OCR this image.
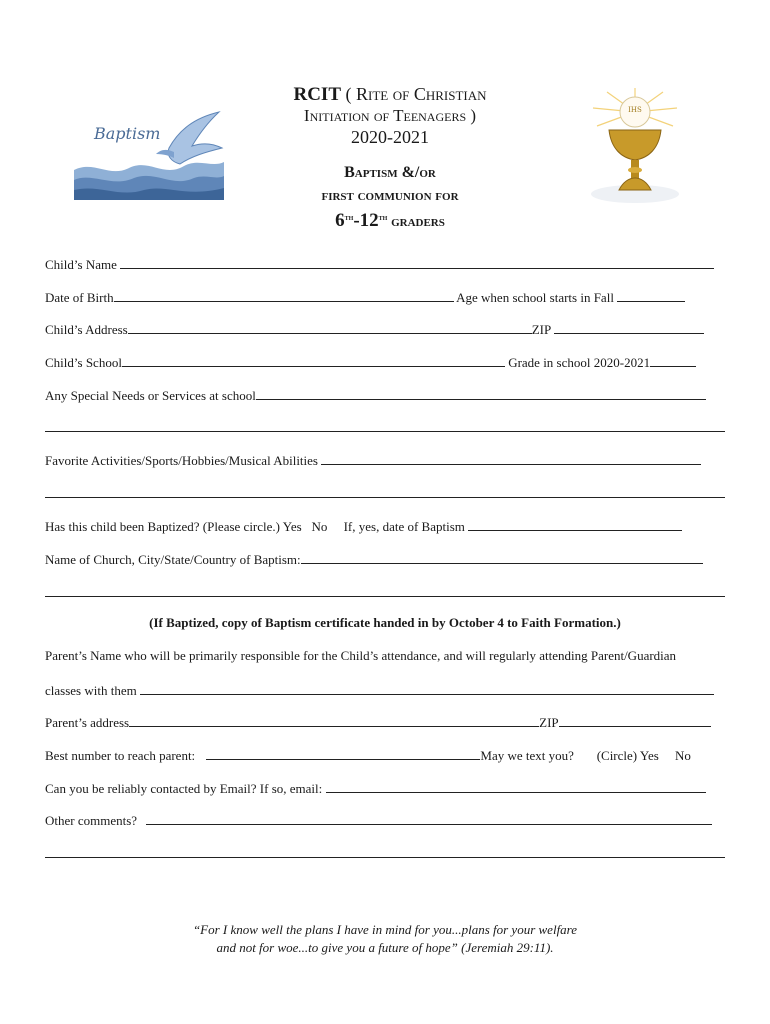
Baptism
IHS
RCIT ( Rite of Christian
Initiation of Teenagers )
2020-2021
Baptism &/or
first communion for
6th-12th graders
Child’s Name
Date of Birth	Age when school starts in Fall
Child’s Address	ZIP
Child’s School	Grade in school 2020-2021
Any Special Needs or Services at school
Favorite Activities/Sports/Hobbies/Musical Abilities
Has this child been Baptized? (Please circle.) Yes No If, yes, date of Baptism
Name of Church, City/State/Country of Baptism:
(If Baptized, copy of Baptism certificate handed in by October 4 to Faith Formation.)
Parent’s Name who will be primarily responsible for the Child’s attendance, and will regularly attending Parent/Guardian
classes with them
Parent’s address	ZIP
Best number to reach parent:	May we text you? (Circle) Yes No
Can you be reliably contacted by Email? If so, email:
Other comments?
“For I know well the plans I have in mind for you...plans for your welfare
and not for woe...to give you a future of hope” (Jeremiah 29:11).
